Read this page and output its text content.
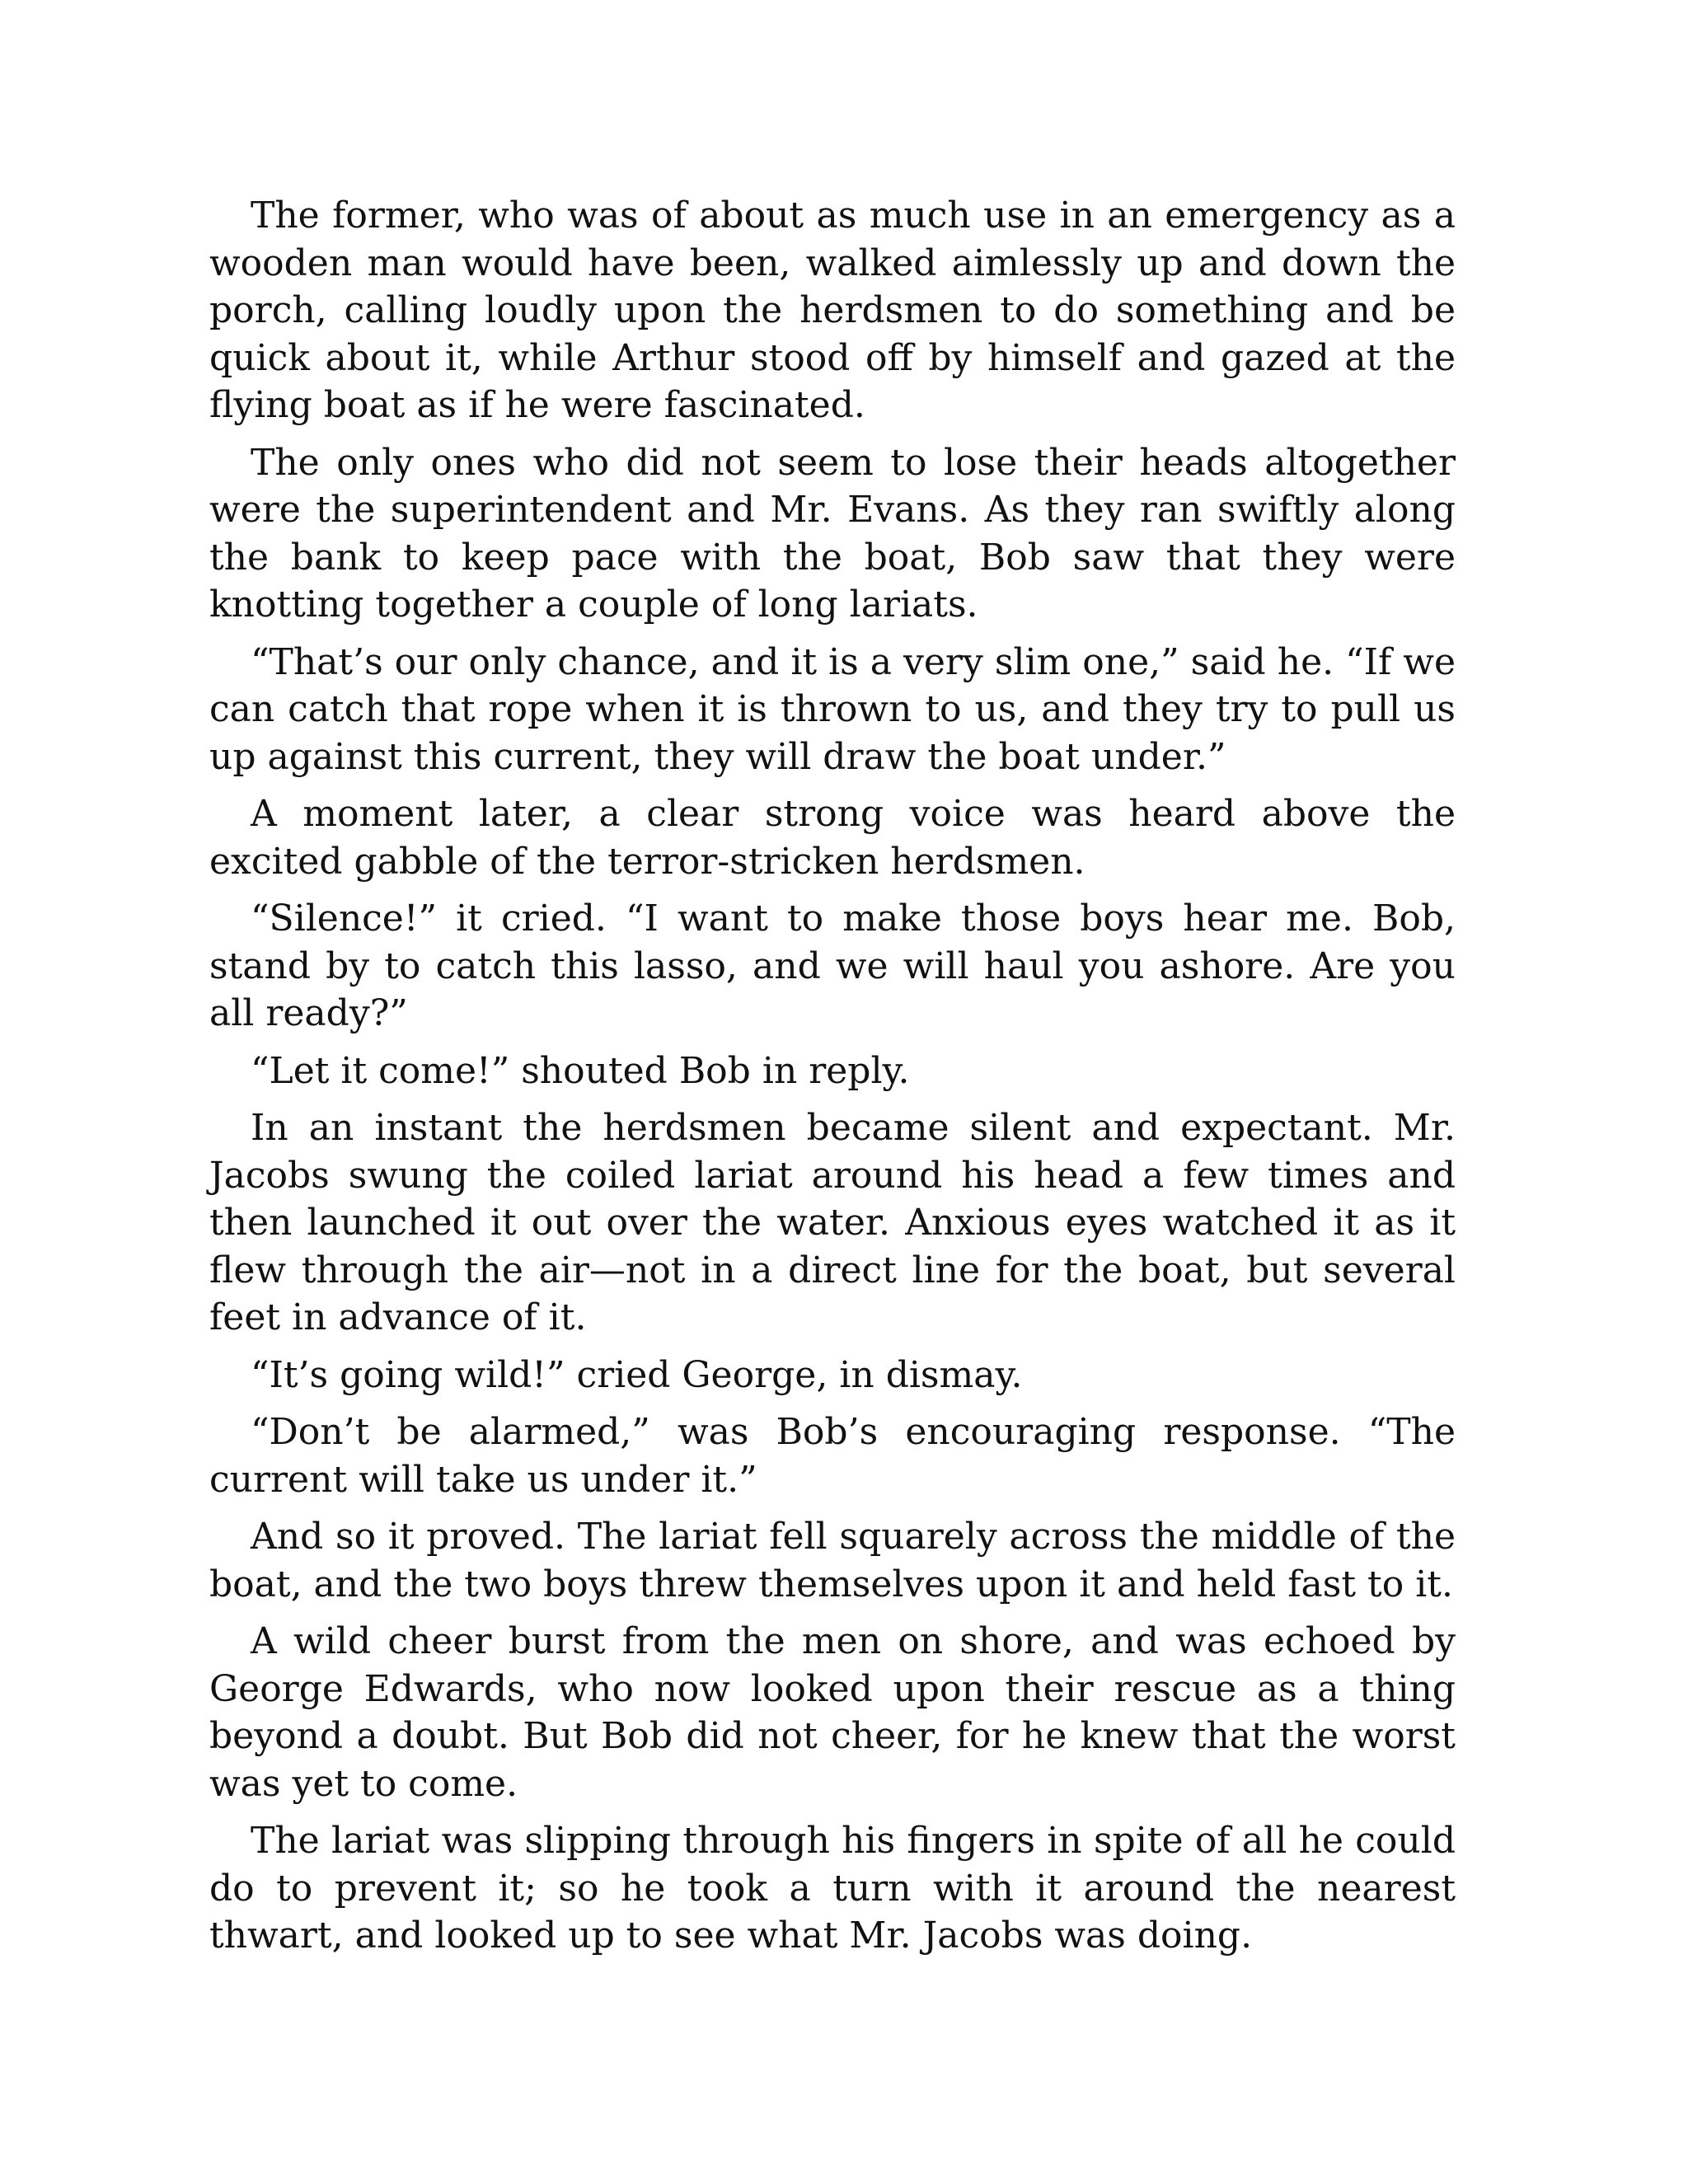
The former, who was of about as much use in an emergency as a wooden man would have been, walked aimlessly up and down the porch, calling loudly upon the herdsmen to do something and be quick about it, while Arthur stood off by himself and gazed at the flying boat as if he were fascinated.

The only ones who did not seem to lose their heads altogether were the superintendent and Mr. Evans. As they ran swiftly along the bank to keep pace with the boat, Bob saw that they were knotting together a couple of long lariats.

“That’s our only chance, and it is a very slim one,” said he. “If we can catch that rope when it is thrown to us, and they try to pull us up against this current, they will draw the boat under.”

A moment later, a clear strong voice was heard above the excited gabble of the terror-stricken herdsmen.

“Silence!” it cried. “I want to make those boys hear me. Bob, stand by to catch this lasso, and we will haul you ashore. Are you all ready?”

“Let it come!” shouted Bob in reply.

In an instant the herdsmen became silent and expectant. Mr. Jacobs swung the coiled lariat around his head a few times and then launched it out over the water. Anxious eyes watched it as it flew through the air—not in a direct line for the boat, but several feet in advance of it.

“It’s going wild!” cried George, in dismay.

“Don’t be alarmed,” was Bob’s encouraging response. “The current will take us under it.”

And so it proved. The lariat fell squarely across the middle of the boat, and the two boys threw themselves upon it and held fast to it.

A wild cheer burst from the men on shore, and was echoed by George Edwards, who now looked upon their rescue as a thing beyond a doubt. But Bob did not cheer, for he knew that the worst was yet to come.

The lariat was slipping through his fingers in spite of all he could do to prevent it; so he took a turn with it around the nearest thwart, and looked up to see what Mr. Jacobs was doing.
